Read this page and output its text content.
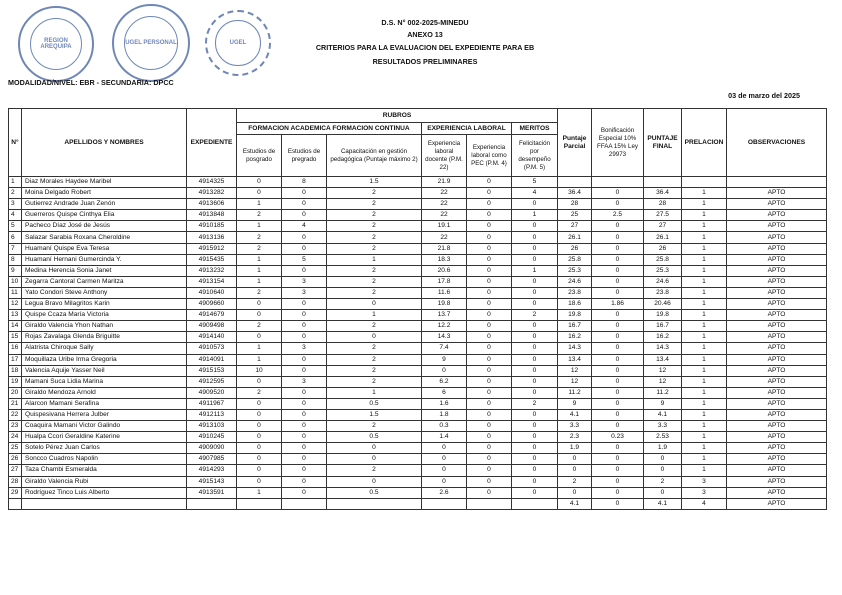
REGION AREQUIPA
UGEL PERSONAL	UGEL
D.S. N° 002-2025-MINEDU
ANEXO 13
CRITERIOS PARA LA EVALUACION DEL EXPEDIENTE PARA EB
RESULTADOS PRELIMINARES
MODALIDAD/NIVEL: EBR - SECUNDARIA: DPCC
03 de marzo del 2025
N°	APELLIDOS Y NOMBRES	EXPEDIENTE	RUBROS						Puntaje Parcial	Bonificación Especial 10% FFAA 15% Ley 29973	PUNTAJE FINAL	PRELACION	OBSERVACIONES
			FORMACION ACADEMICA FORMACION CONTINUA			EXPERIENCIA LABORAL		MERITOS					
			Estudios de posgrado	Estudios de pregrado	Capacitación en gestión pedagógica (Puntaje máximo 2)	Experiencia laboral docente (P.M. 22)	Experiencia laboral como PEC (P.M. 4)	Felicitación por desempeño (P.M. 5)					
1	Diaz Morales Haydee Maribel	4914325	0	8	1.5	21.9	0	5					
2	Moina Delgado Robert	4913282	0	0	2	22	0	4	36.4	0	36.4	1	APTO
3	Gutierrez Andrade Juan Zenón	4913606	1	0	2	22	0	0	28	0	28	1	APTO
4	Guerreros Quispe Cinthya Elia	4913848	2	0	2	22	0	1	25	2.5	27.5	1	APTO
5	Pacheco Díaz José de Jesús	4910185	1	4	2	19.1	0	0	27	0	27	1	APTO
6	Salazar Sarabia Roxana Cheroldine	4913136	2	0	2	22	0	0	26.1	0	26.1	1	APTO
7	Huamaní Quispe Eva Teresa	4915912	2	0	2	21.8	0	0	26	0	26	1	APTO
8	Huamaní Hernani Gumercinda Y.	4915435	1	5	1	18.3	0	0	25.8	0	25.8	1	APTO
9	Medina Herencia Sonia Janet	4913232	1	0	2	20.6	0	1	25.3	0	25.3	1	APTO
10	Zegarra Cantoral Carmen Maritza	4913154	1	3	2	17.8	0	0	24.6	0	24.6	1	APTO
11	Yato Condori Steve Anthony	4910640	2	3	2	11.6	0	0	23.8	0	23.8	1	APTO
12	Legua Bravo Milagritos Karin	4909660	0	0	0	19.8	0	0	18.6	1.86	20.46	1	APTO
13	Quispe Ccaza María Victoria	4914679	0	0	1	13.7	0	2	19.8	0	19.8	1	APTO
14	Giraldo Valencia Yhon Nathan	4909498	2	0	2	12.2	0	0	16.7	0	16.7	1	APTO
15	Rojas Zavalaga Glenda Briguitte	4914140	0	0	0	14.3	0	0	16.2	0	16.2	1	APTO
16	Alatrista Chiroque Sally	4910573	1	3	2	7.4	0	0	14.3	0	14.3	1	APTO
17	Moquillaza Uribe Irma Gregoria	4914091	1	0	2	9	0	0	13.4	0	13.4	1	APTO
18	Valencia Aquije Yasser Neil	4915153	10	0	2	0	0	0	12	0	12	1	APTO
19	Mamani Suca Lidia Marina	4912595	0	3	2	6.2	0	0	12	0	12	1	APTO
20	Giraldo Mendoza Arnold	4909520	2	0	1	6	0	0	11.2	0	11.2	1	APTO
21	Alarcon Mamani Serafina	4911967	0	0	0.5	1.6	0	2	9	0	9	1	APTO
22	Quispesivana Herrera Julber	4912113	0	0	1.5	1.8	0	0	4.1	0	4.1	1	APTO
23	Coaquira Mamani Victor Galindo	4913103	0	0	2	0.3	0	0	3.3	0	3.3	1	APTO
24	Hualpa Ccori Geraldine Katerine	4910245	0	0	0.5	1.4	0	0	2.3	0.23	2.53	1	APTO
25	Sotelo Pérez Juan Carlos	4909090	0	0	0	0	0	0	1.9	0	1.9	1	APTO
26	Soncco Cuadros Napolin	4907985	0	0	0	0	0	0	0	0	0	1	APTO
27	Taza Chambi Esmeralda	4914293	0	0	2	0	0	0	0	0	0	1	APTO
28	Giraldo Valencia Rubi	4915143	0	0	0	0	0	0	2	0	2	3	APTO
29	Rodríguez Tinco Luis Alberto	4913591	1	0	0.5	2.6	0	0	0	0	0	3	APTO
									4.1	0	4.1	4	APTO
